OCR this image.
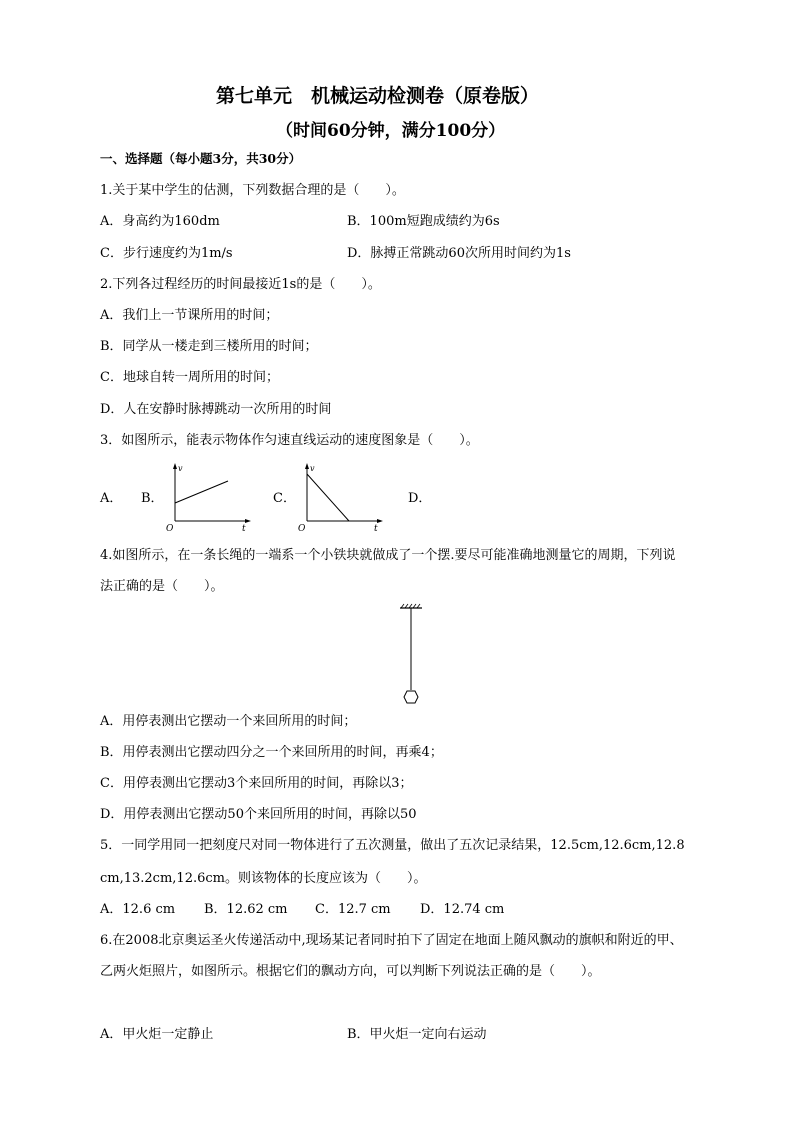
第七单元　机械运动检测卷（原卷版）
（时间60分钟，满分100分）
一、选择题（每小题3分，共30分）
1.关于某中学生的估测，下列数据合理的是（　　）。
A．身高约为160dm	B．100m短跑成绩约为6s
C．步行速度约为1m/s	D．脉搏正常跳动60次所用时间约为1s
2.下列各过程经历的时间最接近1s的是（　　）。
A．我们上一节课所用的时间；
B．同学从一楼走到三楼所用的时间；
C．地球自转一周所用的时间；
D．人在安静时脉搏跳动一次所用的时间
3．如图所示，能表示物体作匀速直线运动的速度图象是（　　）。
A． B．	C．	D．
v
t
O
v
t
O
4.如图所示，在一条长绳的一端系一个小铁块就做成了一个摆.要尽可能准确地测量它的周期，下列说
法正确的是（　　）。
A．用停表测出它摆动一个来回所用的时间；
B．用停表测出它摆动四分之一个来回所用的时间，再乘4；
C．用停表测出它摆动3个来回所用的时间，再除以3；
D．用停表测出它摆动50个来回所用的时间，再除以50
5．一同学用同一把刻度尺对同一物体进行了五次测量，做出了五次记录结果，12.5cm,12.6cm,12.8
cm,13.2cm,12.6cm。则该物体的长度应该为（　　）。
A．12.6 cm B．12.62 cm C．12.7 cm D．12.74 cm
6.在2008北京奥运圣火传递活动中,现场某记者同时拍下了固定在地面上随风飘动的旗帜和附近的甲、
乙两火炬照片，如图所示。根据它们的飘动方向，可以判断下列说法正确的是（　　）。
A．甲火炬一定静止	B．甲火炬一定向右运动
